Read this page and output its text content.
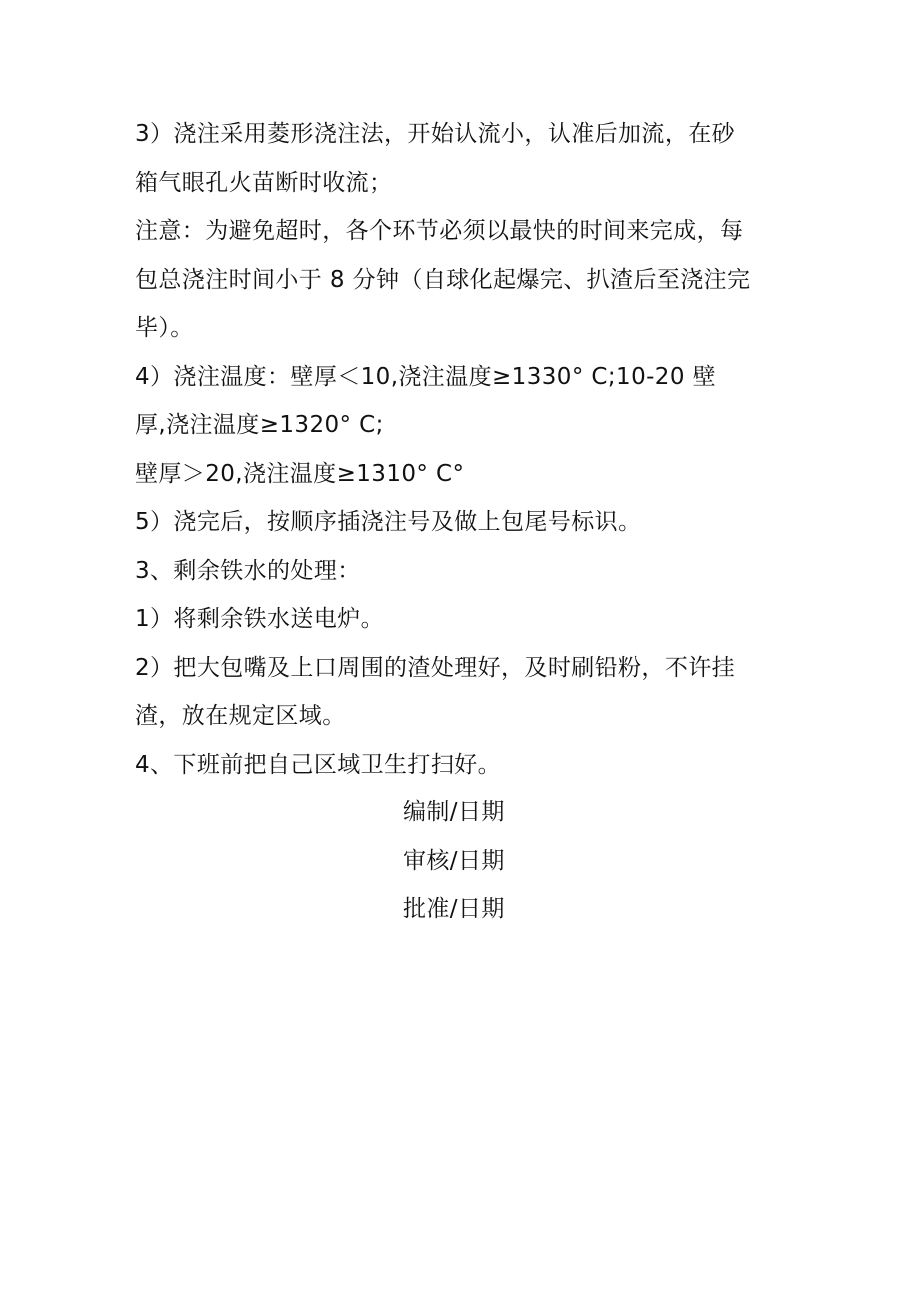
3）浇注采用菱形浇注法，开始认流小，认准后加流，在砂

箱气眼孔火苗断时收流；

注意：为避免超时，各个环节必须以最快的时间来完成，每

包总浇注时间小于 8 分钟（自球化起爆完、扒渣后至浇注完

毕）。

4）浇注温度：壁厚＜10,浇注温度≥1330° C;10-20 壁

厚,浇注温度≥1320° C;

壁厚＞20,浇注温度≥1310° C°

5）浇完后，按顺序插浇注号及做上包尾号标识。

3、剩余铁水的处理：

1）将剩余铁水送电炉。

2）把大包嘴及上口周围的渣处理好，及时刷铅粉，不许挂

渣，放在规定区域。

4、下班前把自己区域卫生打扫好。

编制/日期

审核/日期

批准/日期
